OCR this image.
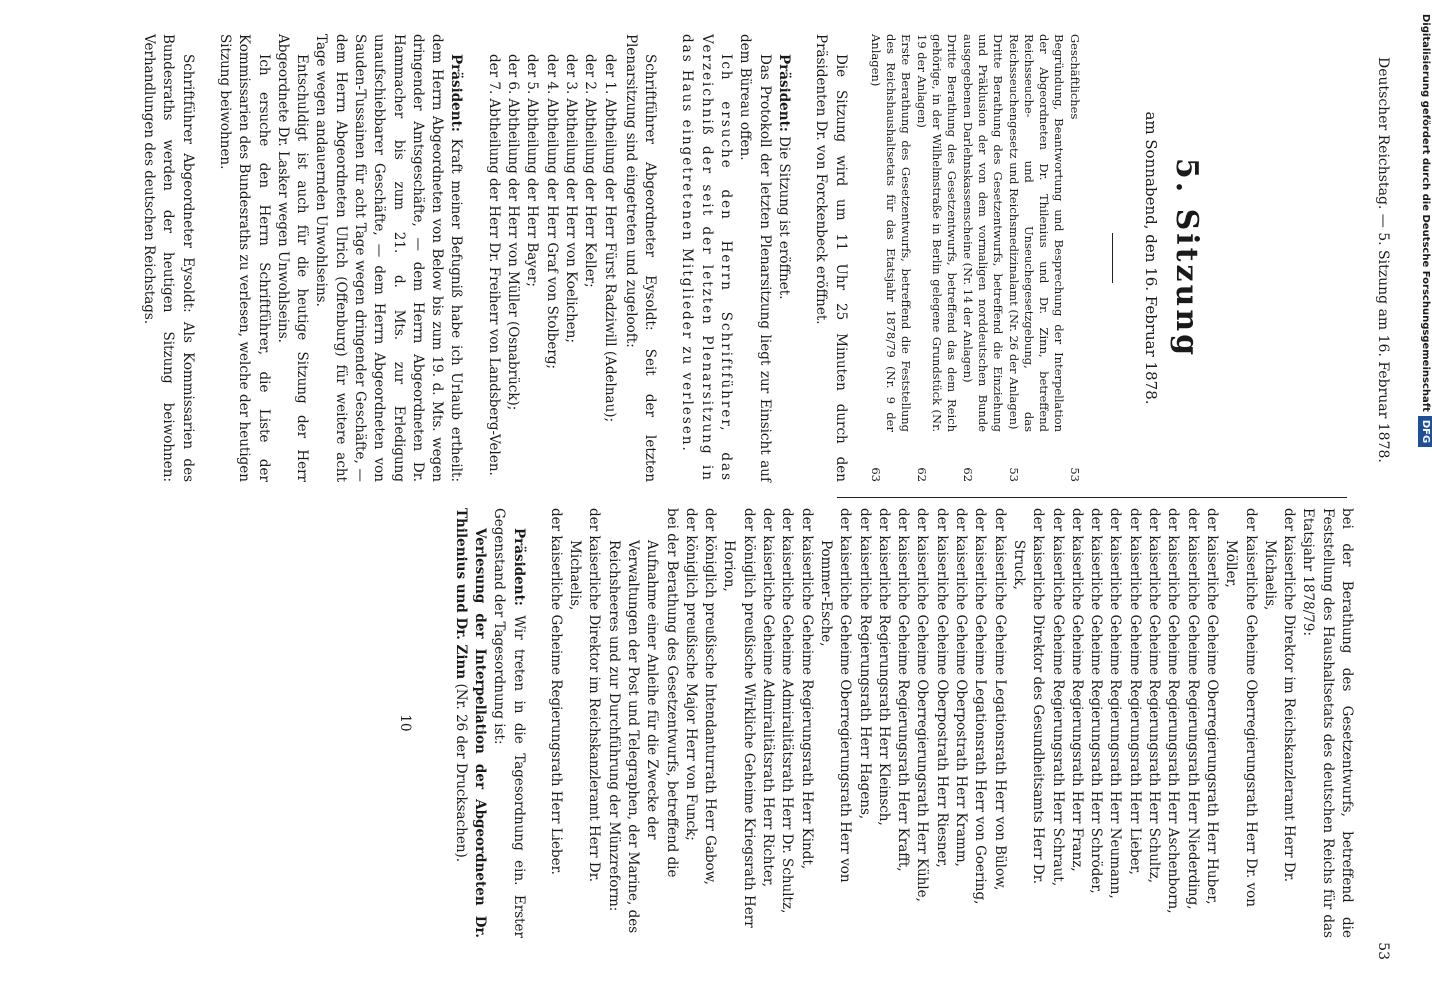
Deutscher Reichstag. — 5. Sitzung am 16. Februar 1878.
53
5. Sitzung
am Sonnabend, den 16. Februar 1878.
Geschäftliches
53
Begründung, Beantwortung und Besprechung der Interpellation der Abgeordneten Dr. Thilenius und Dr. Zinn, betreffend Reichsseuche- und Unseuchegesetzgebung, das Reichsseuchengesetz und Reichsmedizinalamt (Nr. 26 der Anlagen)
53
Dritte Berathung des Gesetzentwurfs, betreffend die Einziehung und Präklusion der von dem vormaligen norddeutschen Bunde ausgegebenen Darlehnskassenscheine (Nr. 14 der Anlagen)
62
Dritte Berathung des Gesetzentwurfs, betreffend das dem Reich gehörige, in der Wilhelmstraße in Berlin gelegene Grundstück (Nr. 19 der Anlagen)
62
Erste Berathung des Gesetzentwurfs, betreffend die Feststellung des Reichshaushaltsetats für das Etatsjahr 1878/79 (Nr. 9 der Anlagen)
63

Die Sitzung wird um 11 Uhr 25 Minuten durch den Präsidenten Dr. von Forckenbeck eröffnet.

Präsident: Die Sitzung ist eröffnet.

Das Protokoll der letzten Plenarsitzung liegt zur Einsicht auf dem Büreau offen.

Ich ersuche den Herrn Schriftführer, das Verzeichniß der seit der letzten Plenarsitzung in das Haus eingetretenen Mitglieder zu verlesen.

Schriftführer Abgeordneter Eysoldt: Seit der letzten Plenarsitzung sind eingetreten und zugelooft:

der 1. Abtheilung der Herr Fürst Radziwill (Adelnau);
der 2. Abtheilung der Herr Keller;
der 3. Abtheilung der Herr von Koelichen;
der 4. Abtheilung der Herr Graf von Stolberg;
der 5. Abtheilung der Herr Bayer;
der 6. Abtheilung der Herr von Müller (Osnabrück);
der 7. Abtheilung der Herr Dr. Freiherr von Landsberg-Velen.

Präsident: Kraft meiner Befugniß habe ich Urlaub ertheilt: dem Herrn Abgeordneten von Below bis zum 19. d. Mts. wegen dringender Amtsgeschäfte, — dem Herrn Abgeordneten Dr. Hammacher bis zum 21. d. Mts. zur Erledigung unaufschiebbarer Geschäfte, — dem Herrn Abgeordneten von Sauden-Tussainen für acht Tage wegen dringender Geschäfte, — dem Herrn Abgeordneten Ulrich (Offenburg) für weitere acht Tage wegen andauernden Unwohlseins.

Entschuldigt ist auch für die heutige Sitzung der Herr Abgeordnete Dr. Lasker wegen Unwohlseins.

Ich ersuche den Herrn Schriftführer, die Liste der Kommissarien des Bundesraths zu verlesen, welche der heutigen Sitzung beiwohnen.

Schriftführer Abgeordneter Eysoldt: Als Kommissarien des Bundesraths werden der heutigen Sitzung beiwohnen: Verhandlungen des deutschen Reichstags.

bei der Berathung des Gesetzentwurfs, betreffend die Feststellung des Haushaltsetats des deutschen Reichs für das Etatsjahr 1878/79:

der kaiserliche Direktor im Reichskanzleramt Herr Dr. Michaelis,
der kaiserliche Geheime Oberregierungsrath Herr Dr. von Möller,
der kaiserliche Geheime Oberregierungsrath Herr Huber,
der kaiserliche Geheime Regierungsrath Herr Niederding,
der kaiserliche Geheime Regierungsrath Herr Aschenborn,
der kaiserliche Geheime Regierungsrath Herr Schultz,
der kaiserliche Geheime Regierungsrath Herr Lieber,
der kaiserliche Geheime Regierungsrath Herr Neumann,
der kaiserliche Geheime Regierungsrath Herr Schröder,
der kaiserliche Geheime Regierungsrath Herr Franz,
der kaiserliche Geheime Regierungsrath Herr Schraut,
der kaiserliche Direktor des Gesundheitsamts Herr Dr. Struck,
der kaiserliche Geheime Legationsrath Herr von Bülow,
der kaiserliche Geheime Legationsrath Herr von Goering,
der kaiserliche Geheime Oberpostrath Herr Kramm,
der kaiserliche Geheime Oberpostrath Herr Riesner,
der kaiserliche Geheime Oberregierungsrath Herr Kühle,
der kaiserliche Geheime Regierungsrath Herr Krafft,
der kaiserliche Regierungsrath Herr Kleinsch,
der kaiserliche Regierungsrath Herr Hagens,
der kaiserliche Geheime Oberregierungsrath Herr von Pommer-Esche,
der kaiserliche Geheime Regierungsrath Herr Kindt,
der kaiserliche Geheime Admiralitätsrath Herr Dr. Schultz,
der kaiserliche Geheime Admiralitätsrath Herr Richter,
der königlich preußische Wirkliche Geheime Kriegsrath Herr Horion,
der königlich preußische Intendanturrath Herr Gabow,
der königlich preußische Major Herr von Funck;
bei der Berathung des Gesetzentwurfs, betreffend die Aufnahme einer Anleihe für die Zwecke der Verwaltungen der Post und Telegraphen, der Marine, des Reichsheeres und zur Durchführung der Münzreform:
der kaiserliche Direktor im Reichskanzleramt Herr Dr. Michaelis,
der kaiserliche Geheime Regierungsrath Herr Lieber.

Präsident: Wir treten in die Tagesordnung ein. Erster Gegenstand der Tagesordnung ist:

Verlesung der Interpellation der Abgeordneten Dr. Thilenius und Dr. Zinn (Nr. 26 der Drucksachen).

10
Digitalisierung gefördert durch die Deutsche ForschungsgemeinschaftDFG
